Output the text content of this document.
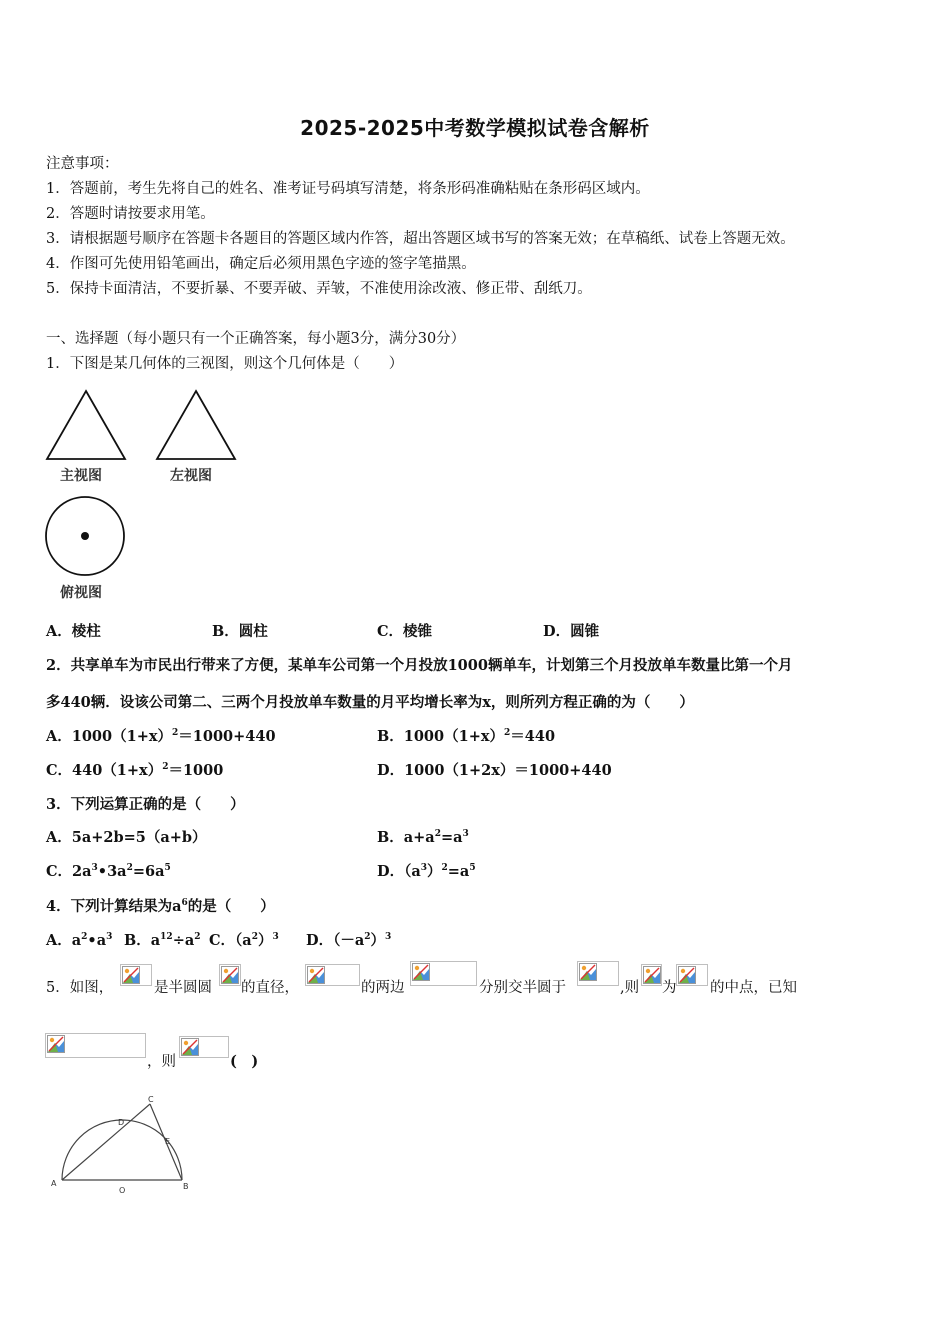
2025-2025中考数学模拟试卷含解析
注意事项：
1．答题前，考生先将自己的姓名、准考证号码填写清楚，将条形码准确粘贴在条形码区域内。
2．答题时请按要求用笔。
3．请根据题号顺序在答题卡各题目的答题区域内作答，超出答题区域书写的答案无效；在草稿纸、试卷上答题无效。
4．作图可先使用铅笔画出，确定后必须用黑色字迹的签字笔描黑。
5．保持卡面清洁，不要折暴、不要弄破、弄皱，不准使用涂改液、修正带、刮纸刀。
一、选择题（每小题只有一个正确答案，每小题3分，满分30分）
1．下图是某几何体的三视图，则这个几何体是（　　）
主视图	左视图
俯视图
A．棱柱	B．圆柱	C．棱锥	D．圆锥
2．共享单车为市民出行带来了方便，某单车公司第一个月投放1000辆单车，计划第三个月投放单车数量比第一个月
多440辆．设该公司第二、三两个月投放单车数量的月平均增长率为x，则所列方程正确的为（　　）
A．$1000(1+x)^2=1000+440$	B．$1000(1+x)^2=440$
C．$440(1+x)^2=1000$	D．1000（1+2x）＝1000+440
3．下列运算正确的是（　　）
A．5a+2b=5（a+b）	B．$a+a^2=a^3$
C．$2a^3•3a^2=6a^5$	D．$(a^3)^2=a^5$
4．下列计算结果为$a^6$的是（　　）
A．$a^2•a^3$ B．$a^{12}\div a^2$ C．$(a^2)^3$ D．$(-a^2)^3$
5．如图，	是半圆圆 的直径，	的两边	分别交半圆于	,则 为 的中点，已知
，则	(　)
A	B
C
D
E
O
